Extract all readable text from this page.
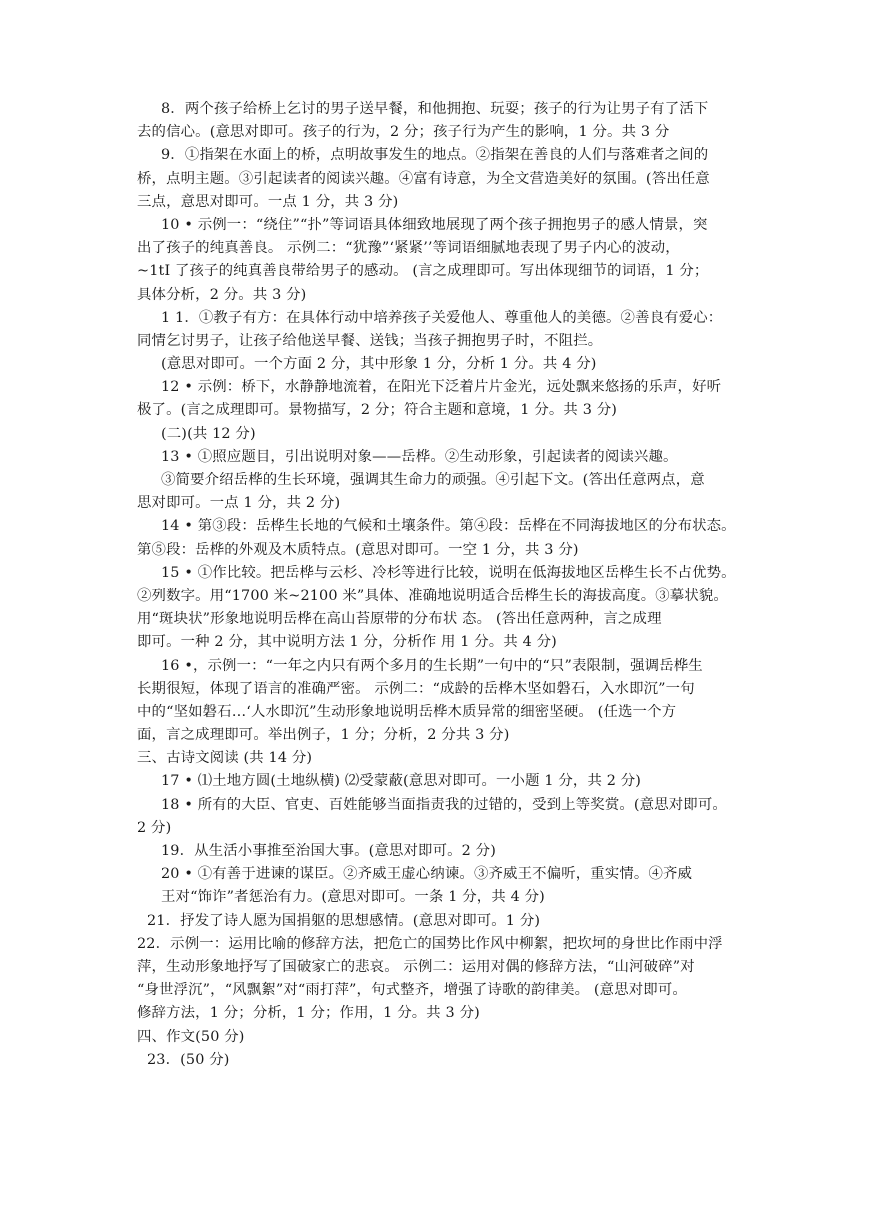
8．两个孩子给桥上乞讨的男子送早餐，和他拥抱、玩耍；孩子的行为让男子有了活下
去的信心。(意思对即可。孩子的行为，2 分；孩子行为产生的影响，1 分。共 3 分
9．①指架在水面上的桥，点明故事发生的地点。②指架在善良的人们与落难者之间的
桥，点明主题。③引起读者的阅读兴趣。④富有诗意，为全文营造美好的氛围。(答出任意
三点，意思对即可。一点 1 分，共 3 分)
10 • 示例一：“绕住”“扑”等词语具体细致地展现了两个孩子拥抱男子的感人情景，突
出了孩子的纯真善良。 示例二：“犹豫”‘紧紧’’等词语细腻地表现了男子内心的波动，
~1tI 了孩子的纯真善良带给男子的感动。 (言之成理即可。写出体现细节的词语，1 分；
具体分析，2 分。共 3 分)
1 1．①教子有方：在具体行动中培养孩子关爱他人、尊重他人的美德。②善良有爱心：
同情乞讨男子，让孩子给他送早餐、送钱；当孩子拥抱男子时，不阻拦。
(意思对即可。一个方面 2 分，其中形象 1 分，分析 1 分。共 4 分)
12 • 示例：桥下，水静静地流着，在阳光下泛着片片金光，远处飘来悠扬的乐声，好听
极了。(言之成理即可。景物描写，2 分；符合主题和意境，1 分。共 3 分)
(二)(共 12 分)
13 • ①照应题目，引出说明对象——岳桦。②生动形象，引起读者的阅读兴趣。
③简要介绍岳桦的生长环境，强调其生命力的顽强。④引起下文。(答出任意两点，意
思对即可。一点 1 分，共 2 分)
14 • 第③段：岳桦生长地的气候和土壤条件。第④段：岳桦在不同海拔地区的分布状态。
第⑤段：岳桦的外观及木质特点。(意思对即可。一空 1 分，共 3 分)
15 • ①作比较。把岳桦与云杉、冷杉等进行比较，说明在低海拔地区岳桦生长不占优势。
②列数字。用“1700 米~2100 米”具体、准确地说明适合岳桦生长的海拔高度。③摹状貌。
用“斑块状”形象地说明岳桦在高山苔原带的分布状 态。 (答出任意两种，言之成理
即可。一种 2 分，其中说明方法 1 分，分析作 用 1 分。共 4 分)
16 •，示例一：“一年之内只有两个多月的生长期”一句中的“只”表限制，强调岳桦生
长期很短，体现了语言的准确严密。 示例二：“成龄的岳桦木坚如磐石，入水即沉”一句
中的“坚如磐石…‘人水即沉”生动形象地说明岳桦木质异常的细密坚硬。 (任选一个方
面，言之成理即可。举出例子，1 分；分析，2 分共 3 分)
三、古诗文阅读 (共 14 分)
17 • ⑴土地方圆(土地纵横) ⑵受蒙蔽(意思对即可。一小题 1 分，共 2 分)
18 • 所有的大臣、官吏、百姓能够当面指责我的过错的，受到上等奖赏。(意思对即可。
2 分)
19．从生活小事推至治国大事。(意思对即可。2 分)
20 • ①有善于进谏的谋臣。②齐威王虚心纳谏。③齐威王不偏听，重实情。④齐威
王对“饰诈”者惩治有力。(意思对即可。一条 1 分，共 4 分)
21．抒发了诗人愿为国捐躯的思想感情。(意思对即可。1 分)
22．示例一：运用比喻的修辞方法，把危亡的国势比作风中柳絮，把坎坷的身世比作雨中浮
萍，生动形象地抒写了国破家亡的悲哀。 示例二：运用对偶的修辞方法，“山河破碎”对
“身世浮沉”，“风飘絮”对“雨打萍”，句式整齐，增强了诗歌的韵律美。 (意思对即可。
修辞方法，1 分；分析，1 分；作用，1 分。共 3 分)
四、作文(50 分)
23．(50 分)
